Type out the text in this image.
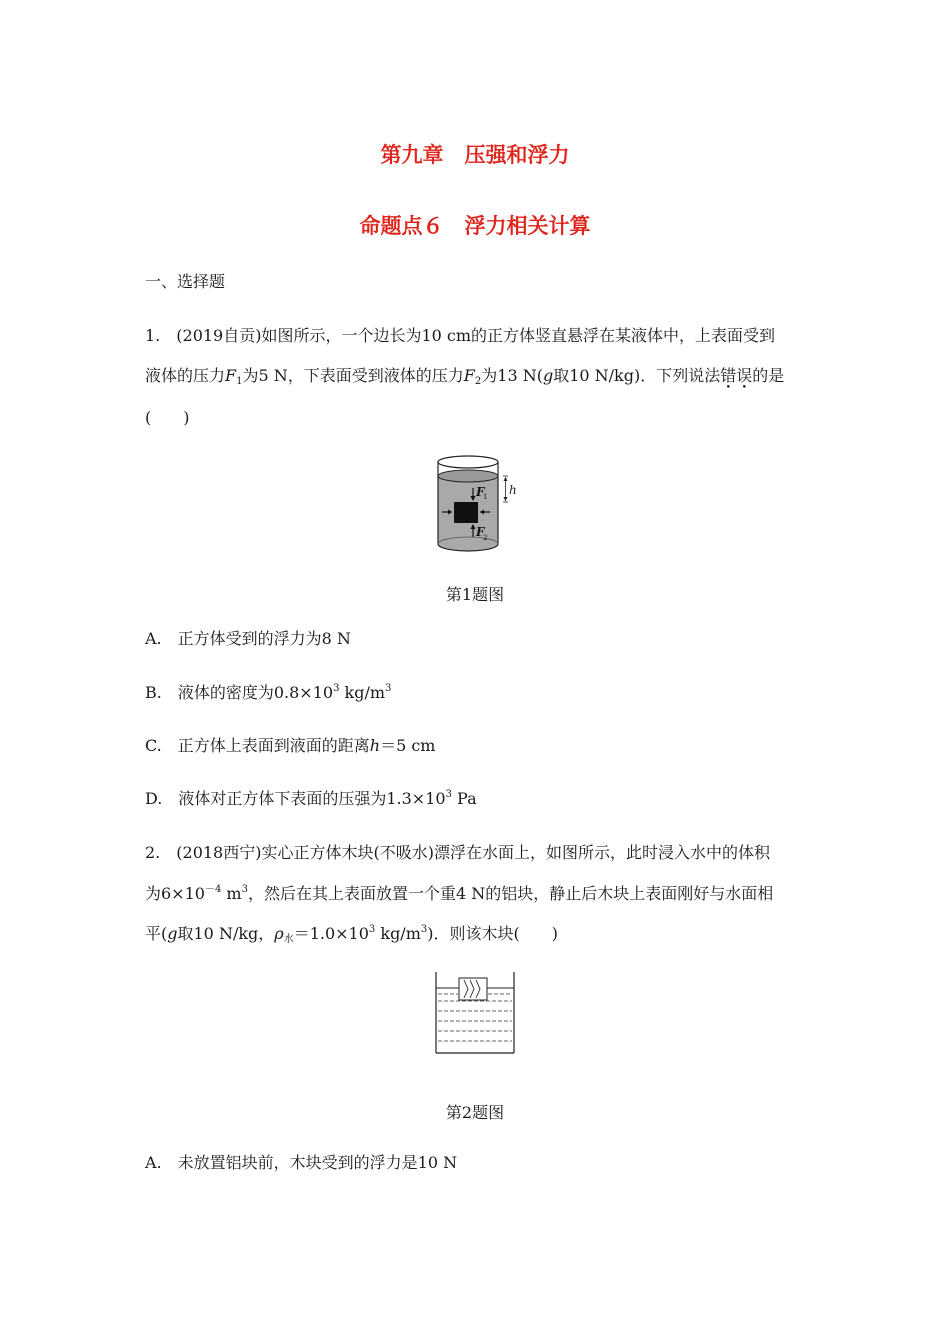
第九章　压强和浮力
命题点６　浮力相关计算
一、选择题
1.　(2019自贡)如图所示，一个边长为10 cm的正方体竖直悬浮在某液体中，上表面受到
液体的压力$F_1$为5 N，下表面受到液体的压力$F_2$为13 N(g取10 N/kg)．下列说法错误的是
(　　)
h
F
1
F
2
第1题图
A.　正方体受到的浮力为8 N
B.　液体的密度为$0.8\times 10^3$ $kg/m^3$
C.　正方体上表面到液面的距离h＝5 cm
D.　液体对正方体下表面的压强为$1.3\times 10^3$ Pa
2.　(2018西宁)实心正方体木块(不吸水)漂浮在水面上，如图所示，此时浸入水中的体积
为$6\times 10^{-4}$ $m^3$，然后在其上表面放置一个重4 N的铝块，静止后木块上表面刚好与水面相
平(g取10 N/kg，$\rho_水=1.0\times 10^3$ $kg/m^3$)．则该木块(　　)
第2题图
A.　未放置铝块前，木块受到的浮力是10 N
